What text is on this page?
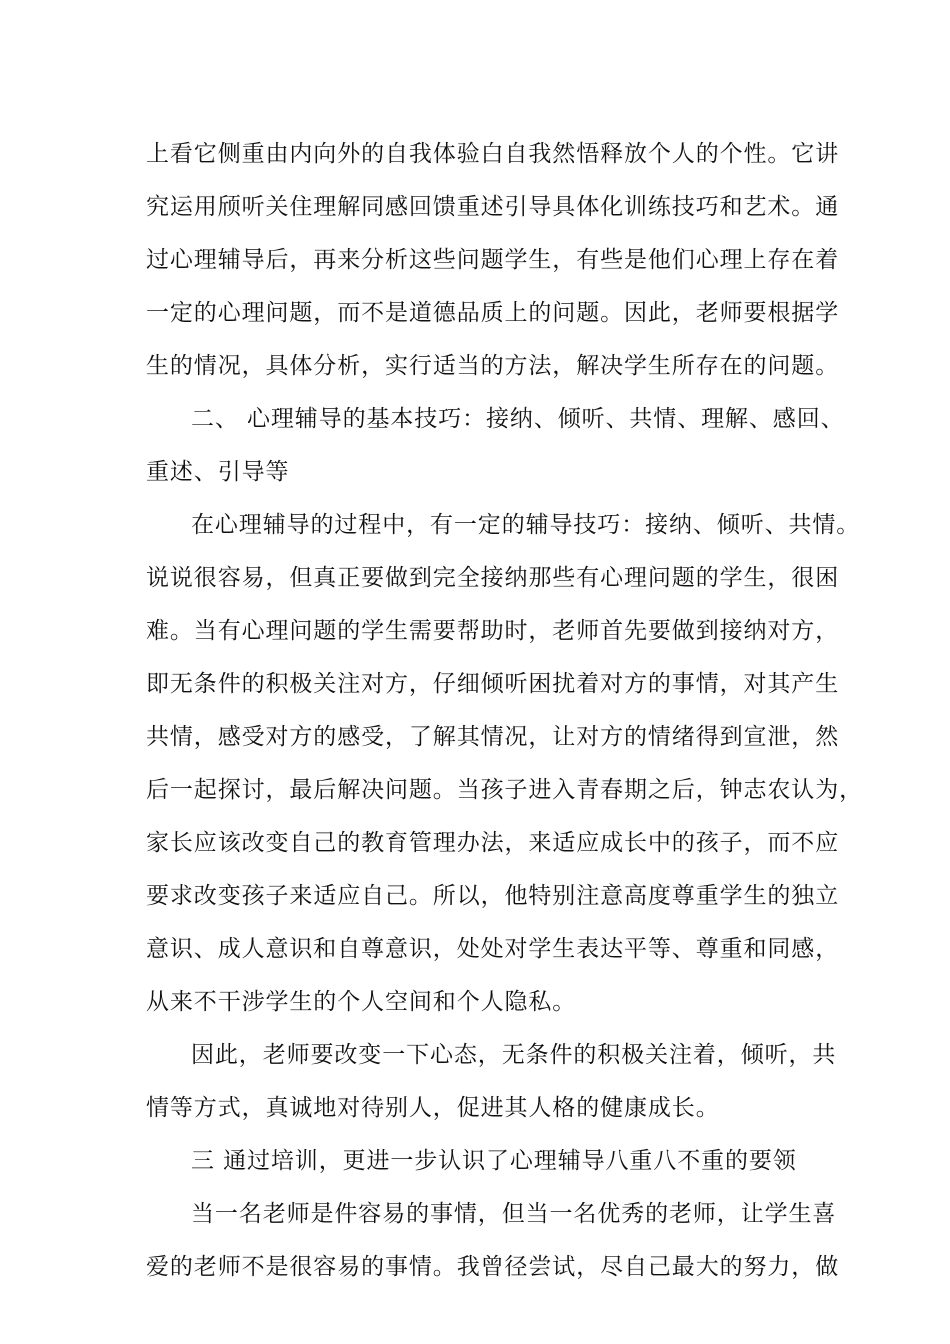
上看它侧重由内向外的自我体验白自我然悟释放个人的个性。它讲
究运用颀听关住理解同感回馈重述引导具体化训练技巧和艺术。通
过心理辅导后，再来分析这些问题学生，有些是他们心理上存在着
一定的心理问题，而不是道德品质上的问题。因此，老师要根据学
生的情况，具体分析，实行适当的方法，解决学生所存在的问题。
二、 心理辅导的基本技巧：接纳、倾听、共情、理解、感回、
重述、引导等
在心理辅导的过程中，有一定的辅导技巧：接纳、倾听、共情。
说说很容易，但真正要做到完全接纳那些有心理问题的学生，很困
难。当有心理问题的学生需要帮助时，老师首先要做到接纳对方，
即无条件的积极关注对方，仔细倾听困扰着对方的事情，对其产生
共情，感受对方的感受，了解其情况，让对方的情绪得到宣泄，然
后一起探讨，最后解决问题。当孩子进入青春期之后，钟志农认为，
家长应该改变自己的教育管理办法，来适应成长中的孩子，而不应
要求改变孩子来适应自己。所以，他特别注意高度尊重学生的独立
意识、成人意识和自尊意识，处处对学生表达平等、尊重和同感，
从来不干涉学生的个人空间和个人隐私。
因此，老师要改变一下心态，无条件的积极关注着，倾听，共
情等方式，真诚地对待别人，促进其人格的健康成长。
三 通过培训，更进一步认识了心理辅导八重八不重的要领
当一名老师是件容易的事情，但当一名优秀的老师，让学生喜
爱的老师不是很容易的事情。我曾径尝试，尽自己最大的努力，做
